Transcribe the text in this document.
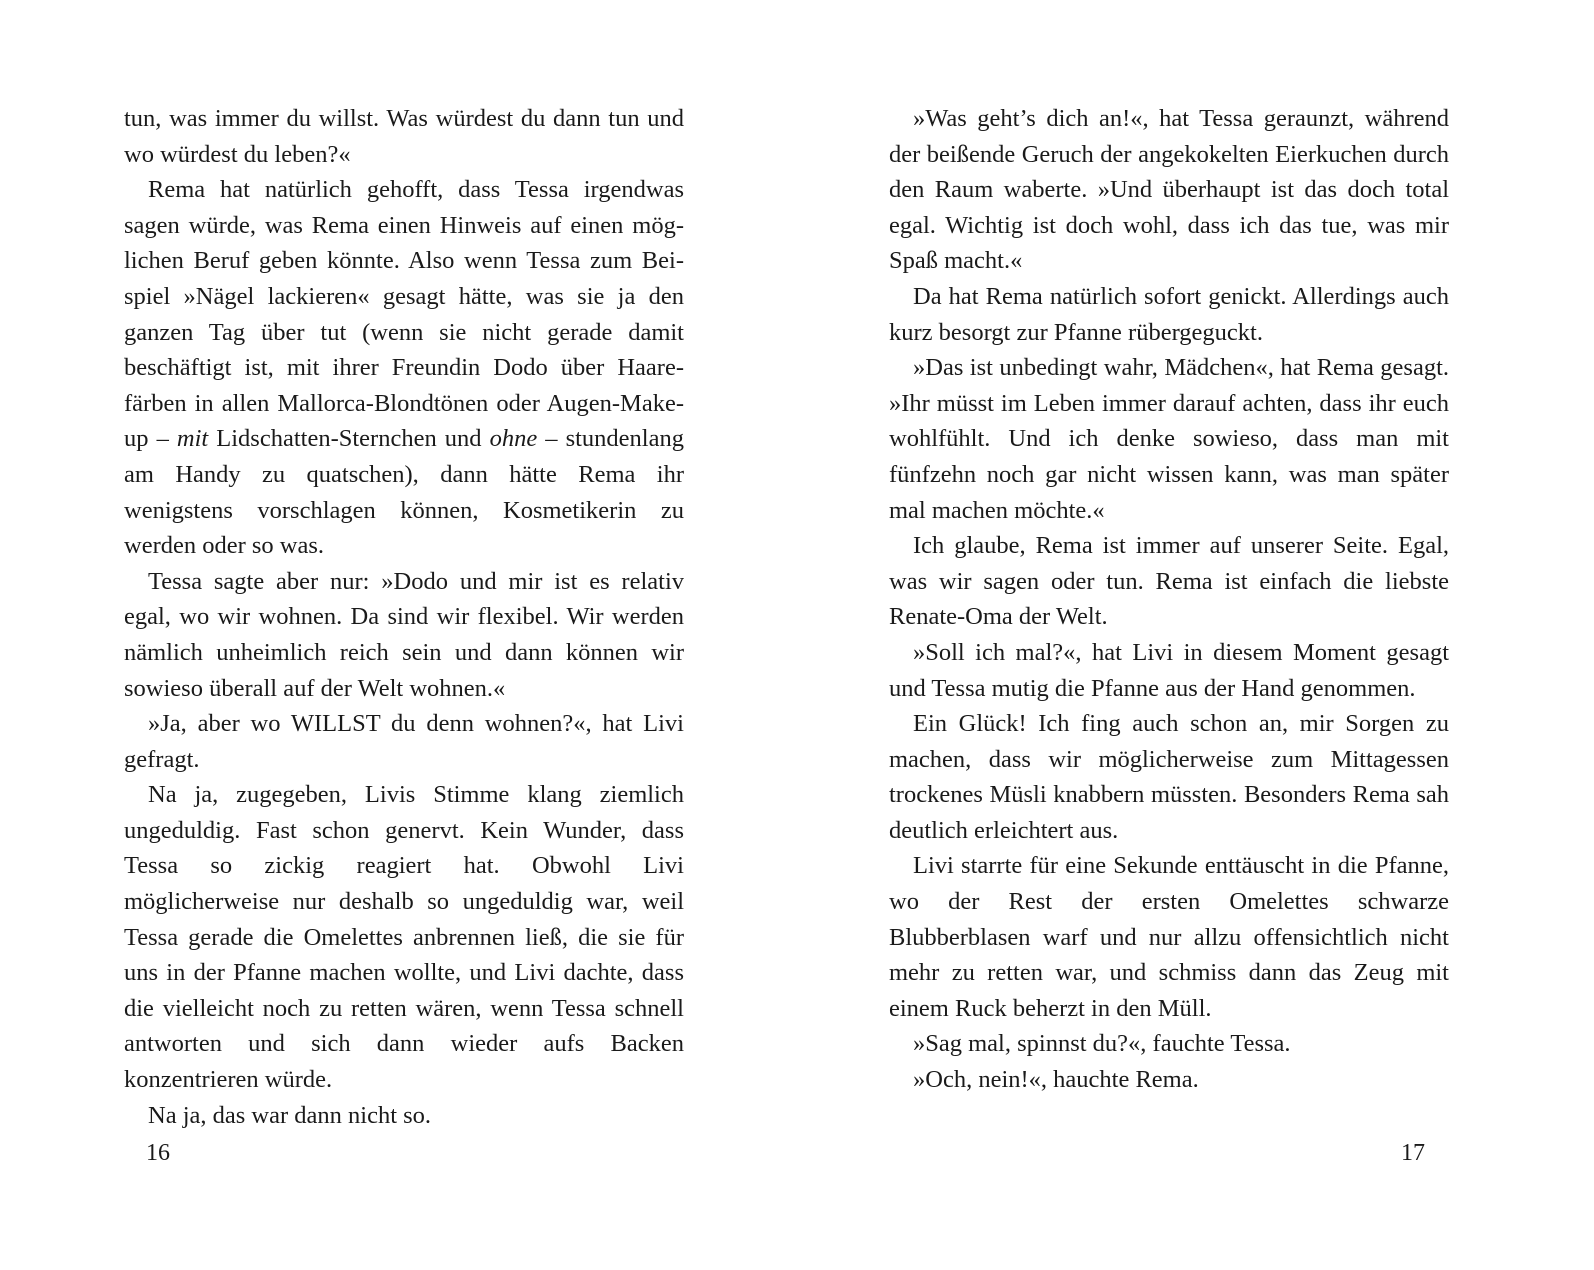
tun, was immer du willst. Was würdest du dann tun und wo würdest du leben?«

Rema hat natürlich gehofft, dass Tessa irgendwas sagen würde, was Rema einen Hinweis auf einen möglichen Beruf geben könnte. Also wenn Tessa zum Beispiel »Nägel lackieren« gesagt hätte, was sie ja den ganzen Tag über tut (wenn sie nicht gerade damit beschäftigt ist, mit ihrer Freundin Dodo über Haarefärben in allen Mallorca-Blondtönen oder Augen-Make-up – mit Lidschatten-Sternchen und ohne – stundenlang am Handy zu quatschen), dann hätte Rema ihr wenigstens vorschlagen können, Kosmetikerin zu werden oder so was.

Tessa sagte aber nur: »Dodo und mir ist es relativ egal, wo wir wohnen. Da sind wir flexibel. Wir werden nämlich unheimlich reich sein und dann können wir sowieso überall auf der Welt wohnen.«

»Ja, aber wo WILLST du denn wohnen?«, hat Livi gefragt.

Na ja, zugegeben, Livis Stimme klang ziemlich ungeduldig. Fast schon genervt. Kein Wunder, dass Tessa so zickig reagiert hat. Obwohl Livi möglicherweise nur deshalb so ungeduldig war, weil Tessa gerade die Omelettes anbrennen ließ, die sie für uns in der Pfanne machen wollte, und Livi dachte, dass die vielleicht noch zu retten wären, wenn Tessa schnell antworten und sich dann wieder aufs Backen konzentrieren würde.

Na ja, das war dann nicht so.

16

»Was geht’s dich an!«, hat Tessa geraunzt, während der beißende Geruch der angekokelten Eierkuchen durch den Raum waberte. »Und überhaupt ist das doch total egal. Wichtig ist doch wohl, dass ich das tue, was mir Spaß macht.«

Da hat Rema natürlich sofort genickt. Allerdings auch kurz besorgt zur Pfanne rübergeguckt.

»Das ist unbedingt wahr, Mädchen«, hat Rema gesagt. »Ihr müsst im Leben immer darauf achten, dass ihr euch wohlfühlt. Und ich denke sowieso, dass man mit fünfzehn noch gar nicht wissen kann, was man später mal machen möchte.«

Ich glaube, Rema ist immer auf unserer Seite. Egal, was wir sagen oder tun. Rema ist einfach die liebste Renate-Oma der Welt.

»Soll ich mal?«, hat Livi in diesem Moment gesagt und Tessa mutig die Pfanne aus der Hand genommen.

Ein Glück! Ich fing auch schon an, mir Sorgen zu machen, dass wir möglicherweise zum Mittagessen trockenes Müsli knabbern müssten. Besonders Rema sah deutlich erleichtert aus.

Livi starrte für eine Sekunde enttäuscht in die Pfanne, wo der Rest der ersten Omelettes schwarze Blubberblasen warf und nur allzu offensichtlich nicht mehr zu retten war, und schmiss dann das Zeug mit einem Ruck beherzt in den Müll.

»Sag mal, spinnst du?«, fauchte Tessa.

»Och, nein!«, hauchte Rema.

17
